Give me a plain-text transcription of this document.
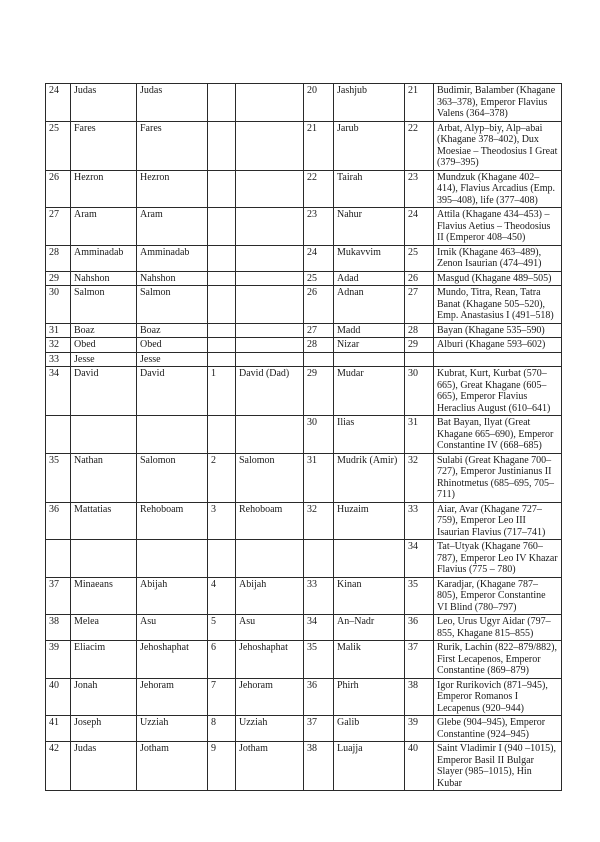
24	Judas	Judas			20	Jashjub	21	Budimir, Balamber (Khagane 363–378), Emperor Flavius Valens (364–378)
25	Fares	Fares			21	Jarub	22	Arbat, Alyp–biy, Alp–abai (Khagane 378–402), Dux Moesiae – Theodosius I Great (379–395)
26	Hezron	Hezron			22	Tairah	23	Mundzuk (Khagane 402–414), Flavius Arcadius (Emp. 395–408), life (377–408)
27	Aram	Aram			23	Nahur	24	Attila (Khagane 434–453) – Flavius Aetius – Theodosius II (Emperor 408–450)
28	Amminadab	Amminadab			24	Mukavvim	25	Irnik (Khagane 463–489), Zenon Isaurian (474–491)
29	Nahshon	Nahshon			25	Adad	26	Masgud (Khagane 489–505)
30	Salmon	Salmon			26	Adnan	27	Mundo, Titra, Rean, Tatra Banat (Khagane 505–520), Emp. Anastasius I (491–518)
31	Boaz	Boaz			27	Madd	28	Bayan (Khagane 535–590)
32	Obed	Obed			28	Nizar	29	Alburi (Khagane 593–602)
33	Jesse	Jesse						
34	David	David	1	David (Dad)	29	Mudar	30	Kubrat, Kurt, Kurbat (570–665), Great Khagane (605–665), Emperor Flavius Heraclius August (610–641)
					30	Ilias	31	Bat Bayan, Ilyat (Great Khagane 665–690), Emperor Constantine IV (668–685)
35	Nathan	Salomon	2	Salomon	31	Mudrik (Amir)	32	Sulabi (Great Khagane 700–727), Emperor Justinianus II Rhinotmetus (685–695, 705–711)
36	Mattatias	Rehoboam	3	Rehoboam	32	Huzaim	33	Aiar, Avar (Khagane 727–759), Emperor Leo III Isaurian Flavius (717–741)
							34	Tat–Utyak (Khagane 760–787), Emperor Leo IV Khazar Flavius (775 – 780)
37	Minaeans	Abijah	4	Abijah	33	Kinan	35	Karadjar, (Khagane 787–805), Emperor Constantine VI Blind (780–797)
38	Melea	Asu	5	Asu	34	An–Nadr	36	Leo, Urus Ugyr Aidar (797–855, Khagane 815–855)
39	Eliacim	Jehoshaphat	6	Jehoshaphat	35	Malik	37	Rurik, Lachin (822–879/882), First Lecapenos, Emperor Constantine (869–879)
40	Jonah	Jehoram	7	Jehoram	36	Phirh	38	Igor Rurikovich (871–945), Emperor Romanos I Lecapenus (920–944)
41	Joseph	Uzziah	8	Uzziah	37	Galib	39	Glebe (904–945), Emperor Constantine (924–945)
42	Judas	Jotham	9	Jotham	38	Luajja	40	Saint Vladimir I (940 –1015), Emperor Basil II Bulgar Slayer (985–1015), Hin Kubar
